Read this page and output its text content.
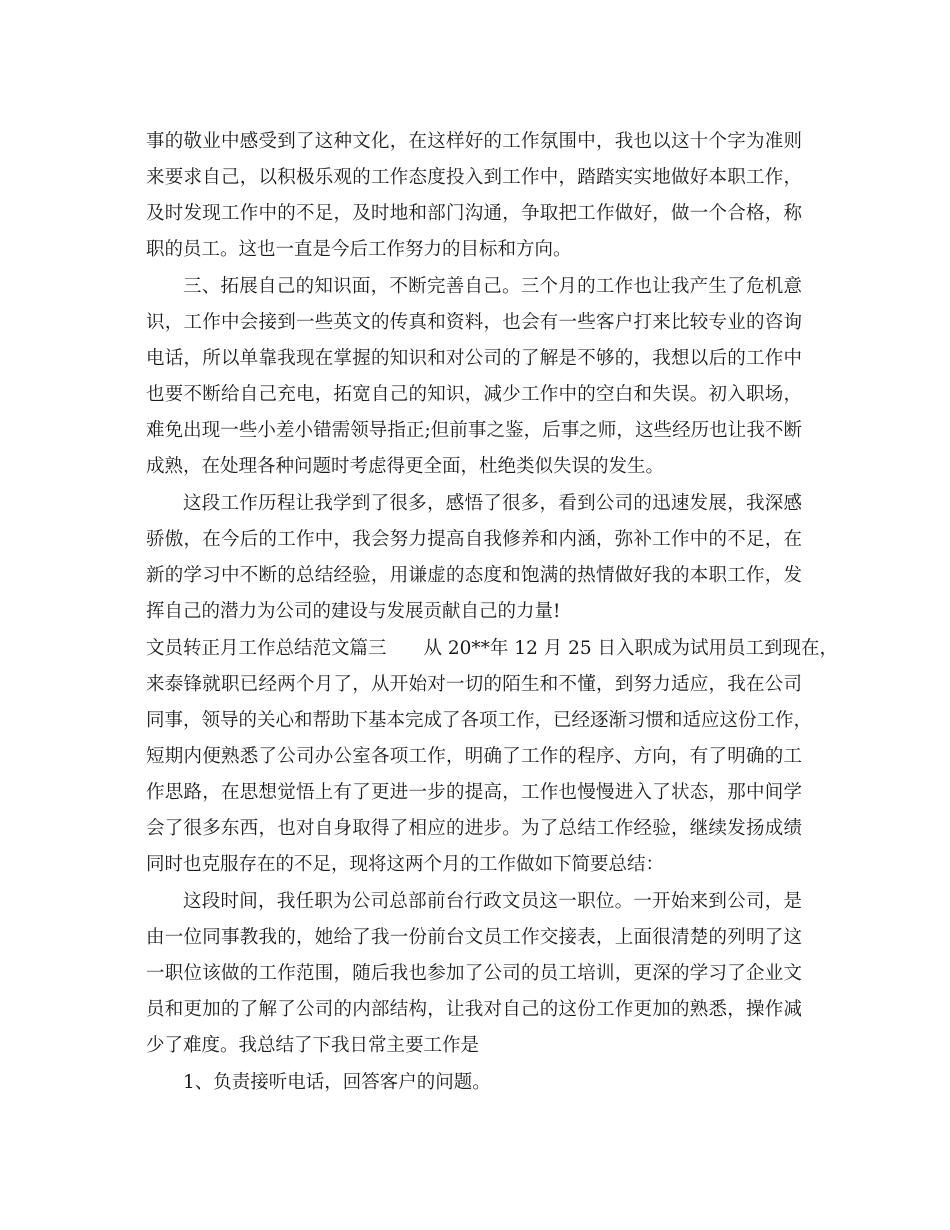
事的敬业中感受到了这种文化，在这样好的工作氛围中，我也以这十个字为准则
来要求自己，以积极乐观的工作态度投入到工作中，踏踏实实地做好本职工作，
及时发现工作中的不足，及时地和部门沟通，争取把工作做好，做一个合格，称
职的员工。这也一直是今后工作努力的目标和方向。
三、拓展自己的知识面，不断完善自己。三个月的工作也让我产生了危机意
识，工作中会接到一些英文的传真和资料，也会有一些客户打来比较专业的咨询
电话，所以单靠我现在掌握的知识和对公司的了解是不够的，我想以后的工作中
也要不断给自己充电，拓宽自己的知识，减少工作中的空白和失误。初入职场，
难免出现一些小差小错需领导指正;但前事之鉴，后事之师，这些经历也让我不断
成熟，在处理各种问题时考虑得更全面，杜绝类似失误的发生。
这段工作历程让我学到了很多，感悟了很多，看到公司的迅速发展，我深感
骄傲，在今后的工作中，我会努力提高自我修养和内涵，弥补工作中的不足，在
新的学习中不断的总结经验，用谦虚的态度和饱满的热情做好我的本职工作，发
挥自己的潜力为公司的建设与发展贡献自己的力量!
文员转正月工作总结范文篇三　　从 20**年 12 月 25 日入职成为试用员工到现在，
来泰锋就职已经两个月了，从开始对一切的陌生和不懂，到努力适应，我在公司
同事，领导的关心和帮助下基本完成了各项工作，已经逐渐习惯和适应这份工作，
短期内便熟悉了公司办公室各项工作，明确了工作的程序、方向，有了明确的工
作思路，在思想觉悟上有了更进一步的提高，工作也慢慢进入了状态，那中间学
会了很多东西，也对自身取得了相应的进步。为了总结工作经验，继续发扬成绩
同时也克服存在的不足，现将这两个月的工作做如下简要总结：
这段时间，我任职为公司总部前台行政文员这一职位。一开始来到公司，是
由一位同事教我的，她给了我一份前台文员工作交接表，上面很清楚的列明了这
一职位该做的工作范围，随后我也参加了公司的员工培训，更深的学习了企业文
员和更加的了解了公司的内部结构，让我对自己的这份工作更加的熟悉，操作减
少了难度。我总结了下我日常主要工作是
1、负责接听电话，回答客户的问题。
